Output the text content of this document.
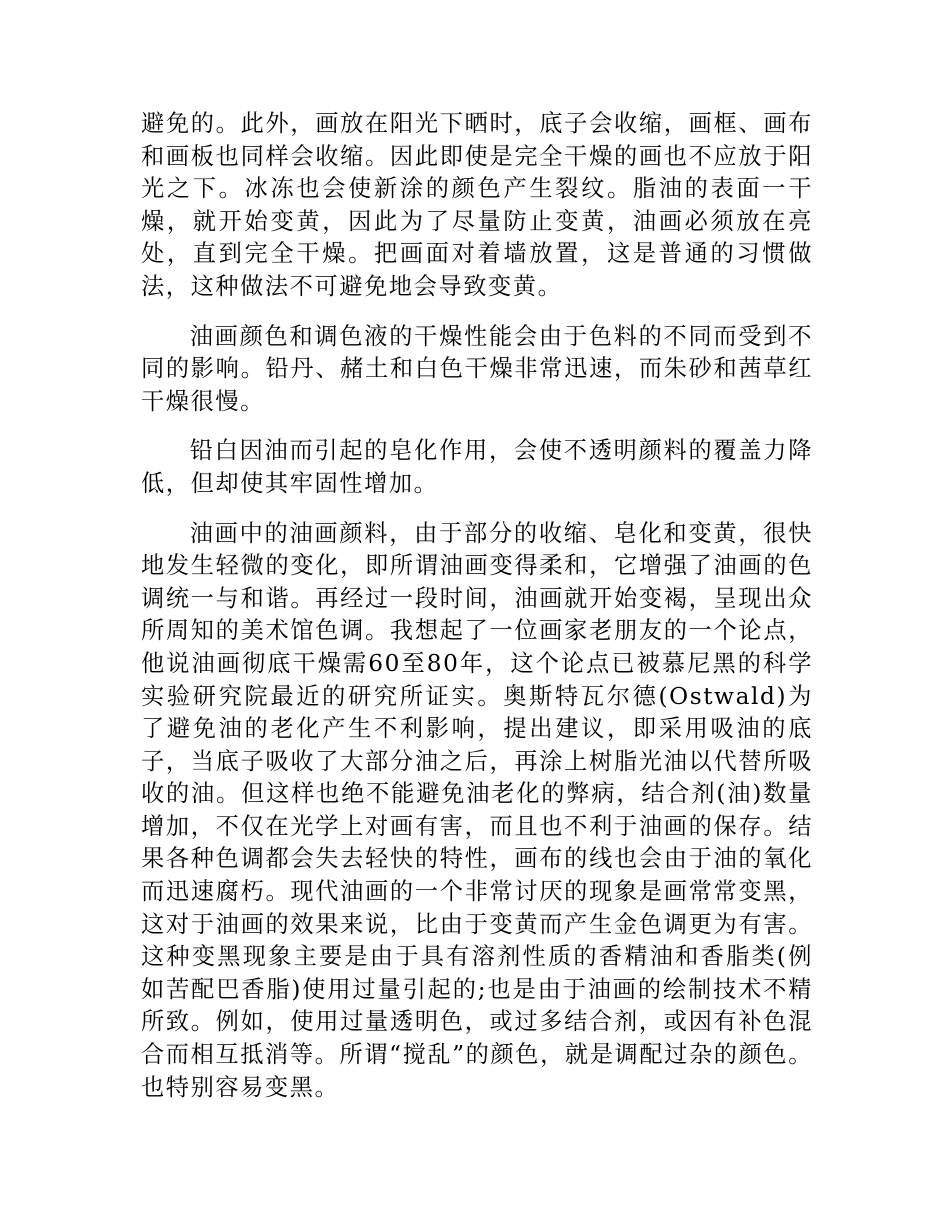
避免的。此外，画放在阳光下晒时，底子会收缩，画框、画布和画板也同样会收缩。因此即使是完全干燥的画也不应放于阳光之下。冰冻也会使新涂的颜色产生裂纹。脂油的表面一干燥，就开始变黄，因此为了尽量防止变黄，油画必须放在亮处，直到完全干燥。把画面对着墙放置，这是普通的习惯做法，这种做法不可避免地会导致变黄。

油画颜色和调色液的干燥性能会由于色料的不同而受到不同的影响。铅丹、赭土和白色干燥非常迅速，而朱砂和茜草红干燥很慢。

铅白因油而引起的皂化作用，会使不透明颜料的覆盖力降低，但却使其牢固性增加。

油画中的油画颜料，由于部分的收缩、皂化和变黄，很快地发生轻微的变化，即所谓油画变得柔和，它增强了油画的色调统一与和谐。再经过一段时间，油画就开始变褐，呈现出众所周知的美术馆色调。我想起了一位画家老朋友的一个论点，他说油画彻底干燥需60至80年，这个论点已被慕尼黑的科学实验研究院最近的研究所证实。奥斯特瓦尔德(Ostwald)为了避免油的老化产生不利影响，提出建议，即采用吸油的底子，当底子吸收了大部分油之后，再涂上树脂光油以代替所吸收的油。但这样也绝不能避免油老化的弊病，结合剂(油)数量增加，不仅在光学上对画有害，而且也不利于油画的保存。结果各种色调都会失去轻快的特性，画布的线也会由于油的氧化而迅速腐朽。现代油画的一个非常讨厌的现象是画常常变黑，这对于油画的效果来说，比由于变黄而产生金色调更为有害。这种变黑现象主要是由于具有溶剂性质的香精油和香脂类(例如苦配巴香脂)使用过量引起的;也是由于油画的绘制技术不精所致。例如，使用过量透明色，或过多结合剂，或因有补色混合而相互抵消等。所谓“搅乱”的颜色，就是调配过杂的颜色。也特别容易变黑。
